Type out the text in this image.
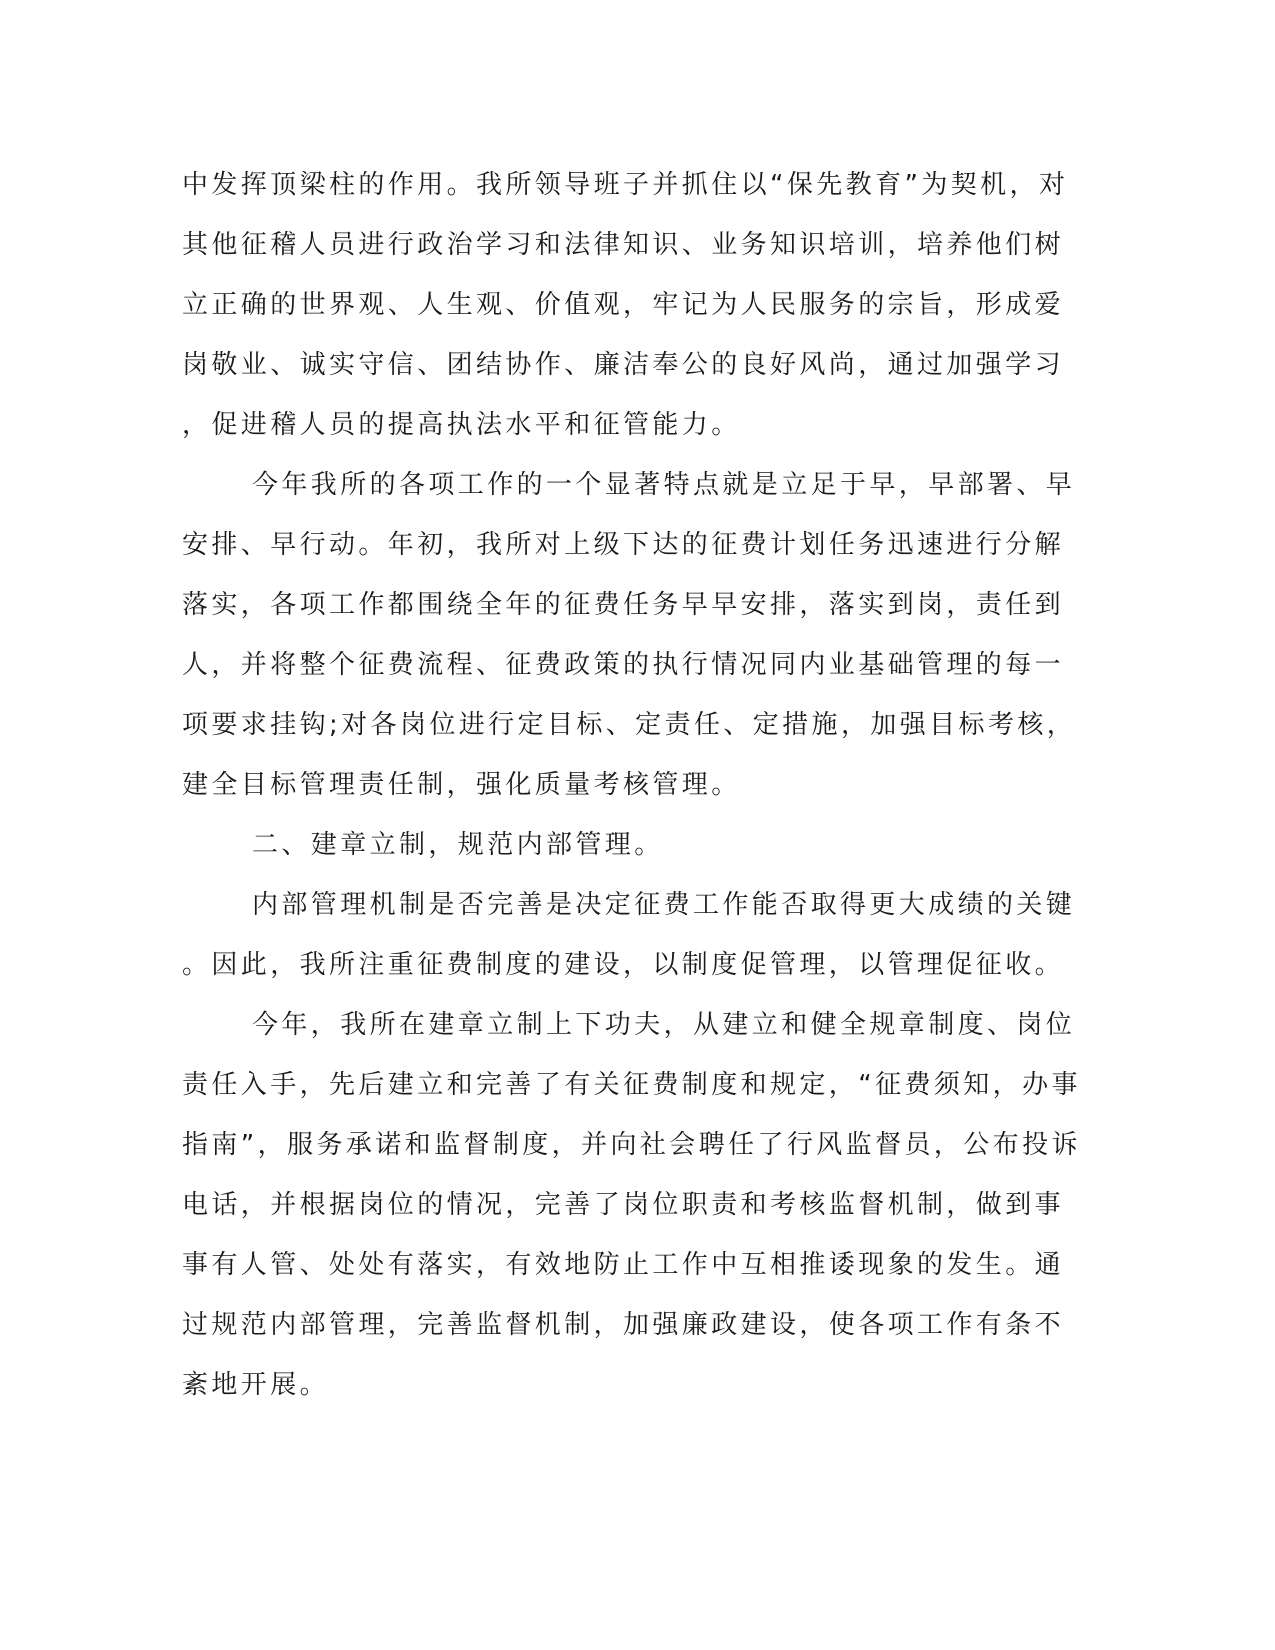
中发挥顶梁柱的作用。我所领导班子并抓住以“保先教育”为契机，对
其他征稽人员进行政治学习和法律知识、业务知识培训，培养他们树
立正确的世界观、人生观、价值观，牢记为人民服务的宗旨，形成爱
岗敬业、诚实守信、团结协作、廉洁奉公的良好风尚，通过加强学习
，促进稽人员的提高执法水平和征管能力。
今年我所的各项工作的一个显著特点就是立足于早，早部署、早
安排、早行动。年初，我所对上级下达的征费计划任务迅速进行分解
落实，各项工作都围绕全年的征费任务早早安排，落实到岗，责任到
人，并将整个征费流程、征费政策的执行情况同内业基础管理的每一
项要求挂钩;对各岗位进行定目标、定责任、定措施，加强目标考核，
建全目标管理责任制，强化质量考核管理。
二、建章立制，规范内部管理。
内部管理机制是否完善是决定征费工作能否取得更大成绩的关键
。因此，我所注重征费制度的建设，以制度促管理，以管理促征收。
今年，我所在建章立制上下功夫，从建立和健全规章制度、岗位
责任入手，先后建立和完善了有关征费制度和规定，“征费须知，办事
指南”，服务承诺和监督制度，并向社会聘任了行风监督员，公布投诉
电话，并根据岗位的情况，完善了岗位职责和考核监督机制，做到事
事有人管、处处有落实，有效地防止工作中互相推诿现象的发生。通
过规范内部管理，完善监督机制，加强廉政建设，使各项工作有条不
紊地开展。
